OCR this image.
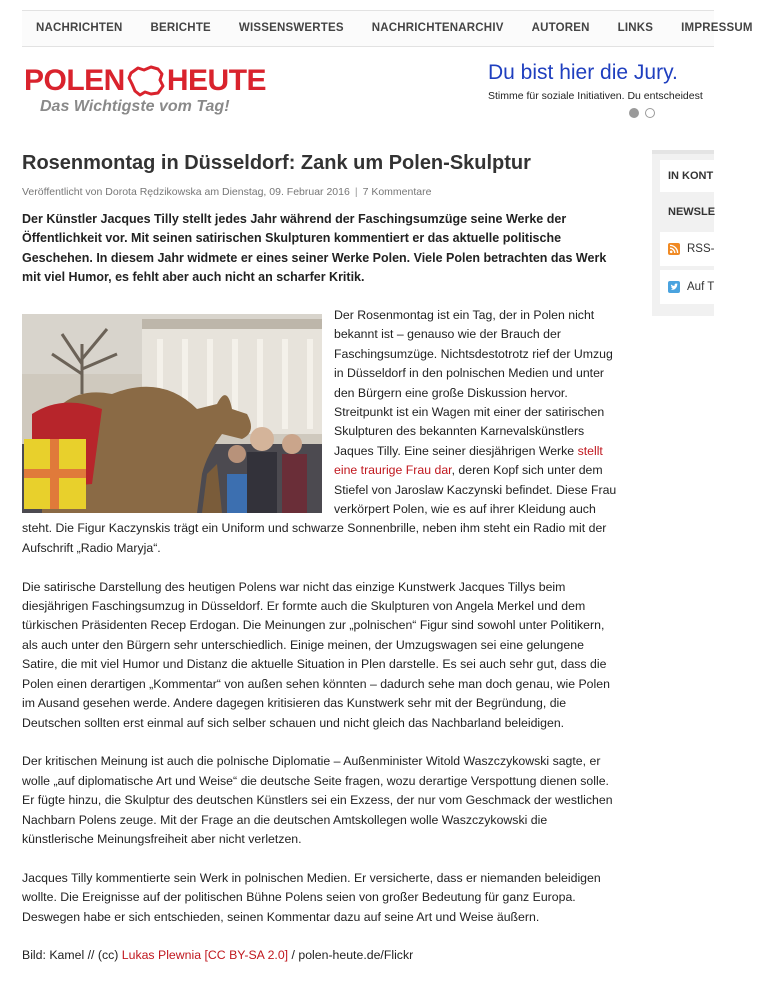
NACHRICHTEN	BERICHTE	WISSENSWERTES	NACHRICHTENARCHIV	AUTOREN	LINKS	IMPRESSUM
POLEN HEUTE
Das Wichtigste vom Tag!
Du bist hier die Jury.
Stimme für soziale Initiativen. Du entscheidest
Rosenmontag in Düsseldorf: Zank um Polen-Skulptur
Veröffentlicht von Dorota Rędzikowska am Dienstag, 09. Februar 2016 | 7 Kommentare

Der Künstler Jacques Tilly stellt jedes Jahr während der Faschingsumzüge seine Werke der Öffentlichkeit vor. Mit seinen satirischen Skulpturen kommentiert er das aktuelle politische Geschehen. In diesem Jahr widmete er eines seiner Werke Polen. Viele Polen betrachten das Werk mit viel Humor, es fehlt aber auch nicht an scharfer Kritik.

Der Rosenmontag ist ein Tag, der in Polen nicht bekannt ist – genauso wie der Brauch der Faschingsumzüge. Nichtsdestotrotz rief der Umzug in Düsseldorf in den polnischen Medien und unter den Bürgern eine große Diskussion hervor. Streitpunkt ist ein Wagen mit einer der satirischen Skulpturen des bekannten Karnevalskünstlers Jaques Tilly. Eine seiner diesjährigen Werke stellt eine traurige Frau dar, deren Kopf sich unter dem Stiefel von Jaroslaw Kaczynski befindet. Diese Frau verkörpert Polen, wie es auf ihrer Kleidung auch steht. Die Figur Kaczynskis trägt ein Uniform und schwarze Sonnenbrille, neben ihm steht ein Radio mit der Aufschrift „Radio Maryja“.

Die satirische Darstellung des heutigen Polens war nicht das einzige Kunstwerk Jacques Tillys beim diesjährigen Faschingsumzug in Düsseldorf. Er formte auch die Skulpturen von Angela Merkel und dem türkischen Präsidenten Recep Erdogan. Die Meinungen zur „polnischen“ Figur sind sowohl unter Politikern, als auch unter den Bürgern sehr unterschiedlich. Einige meinen, der Umzugswagen sei eine gelungene Satire, die mit viel Humor und Distanz die aktuelle Situation in Plen darstelle. Es sei auch sehr gut, dass die Polen einen derartigen „Kommentar“ von außen sehen könnten – dadurch sehe man doch genau, wie Polen im Ausand gesehen werde. Andere dagegen kritisieren das Kunstwerk sehr mit der Begründung, die Deutschen sollten erst einmal auf sich selber schauen und nicht gleich das Nachbarland beleidigen.

Der kritischen Meinung ist auch die polnische Diplomatie – Außenminister Witold Waszczykowski sagte, er wolle „auf diplomatische Art und Weise“ die deutsche Seite fragen, wozu derartige Verspottung dienen solle. Er fügte hinzu, die Skulptur des deutschen Künstlers sei ein Exzess, der nur vom Geschmack der westlichen Nachbarn Polens zeuge. Mit der Frage an die deutschen Amtskollegen wolle Waszczykowski die künstlerische Meinungsfreiheit aber nicht verletzen.

Jacques Tilly kommentierte sein Werk in polnischen Medien. Er versicherte, dass er niemanden beleidigen wollte. Die Ereignisse auf der politischen Bühne Polens seien von großer Bedeutung für ganz Europa. Deswegen habe er sich entschieden, seinen Kommentar dazu auf seine Art und Weise äußern.

Bild: Kamel // (cc) Lukas Plewnia [CC BY-SA 2.0] / polen-heute.de/Flickr

IN KONT
NEWSLE
RSS-
Auf T
